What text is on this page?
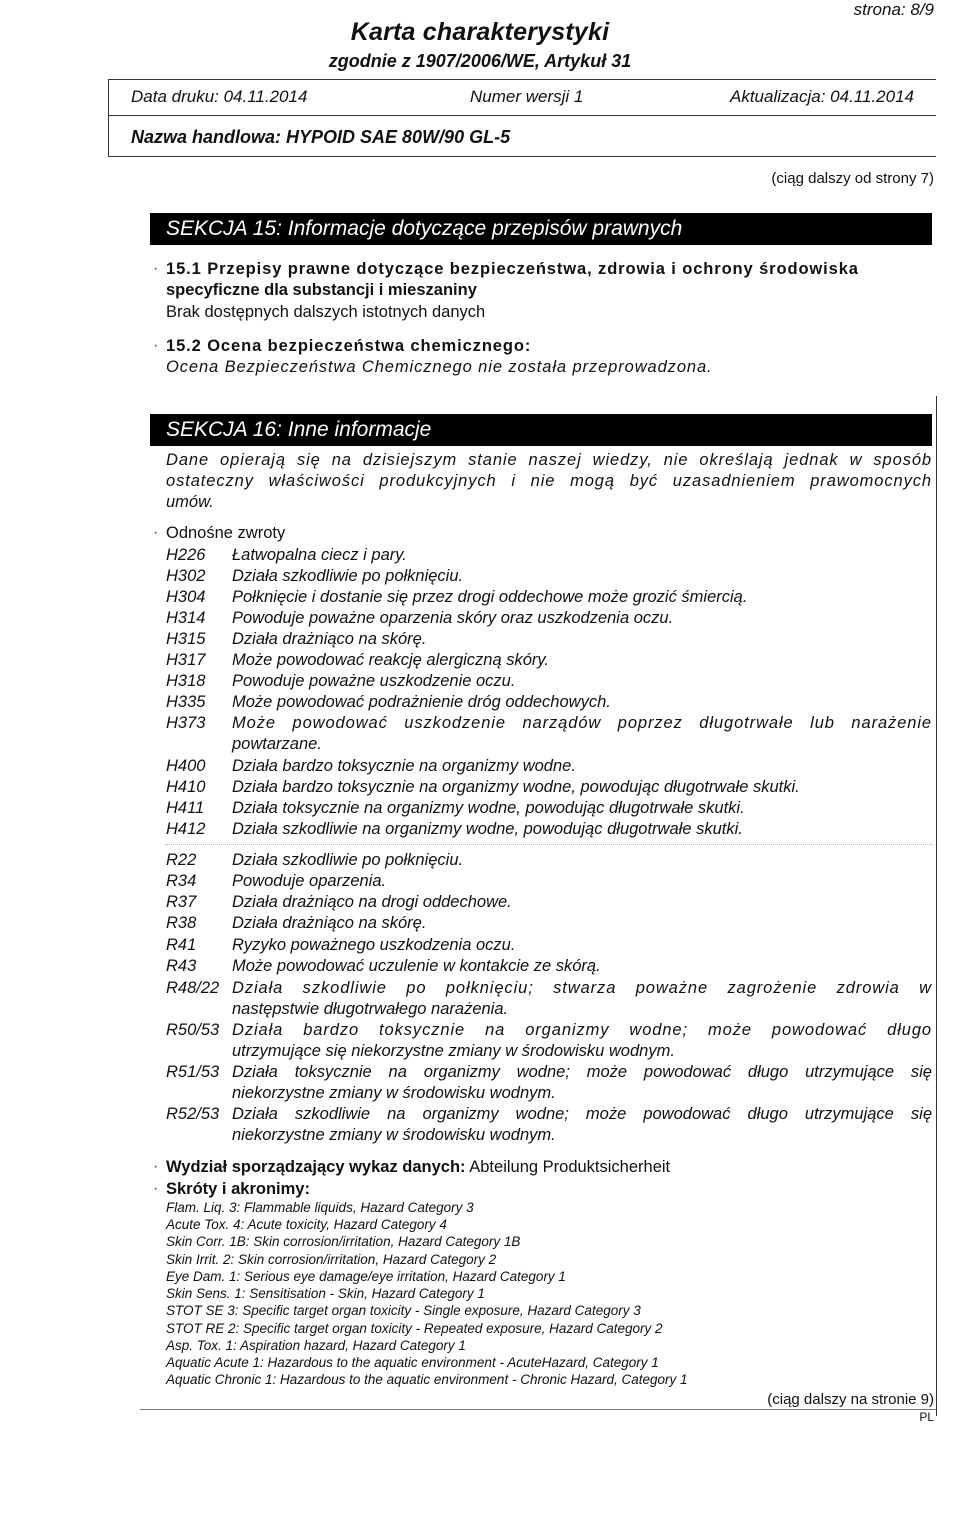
strona: 8/9
Karta charakterystyki
zgodnie z 1907/2006/WE, Artykuł 31
Data druku: 04.11.2014	Numer wersji 1	Aktualizacja: 04.11.2014
Nazwa handlowa: HYPOID SAE 80W/90 GL-5
(ciąg dalszy od strony 7)
SEKCJA 15: Informacje dotyczące przepisów prawnych
· 15.1 Przepisy prawne dotyczące bezpieczeństwa, zdrowia i ochrony środowiska
specyficzne dla substancji i mieszaniny
Brak dostępnych dalszych istotnych danych
· 15.2 Ocena bezpieczeństwa chemicznego:
Ocena Bezpieczeństwa Chemicznego nie została przeprowadzona.
SEKCJA 16: Inne informacje
Dane opierają się na dzisiejszym stanie naszej wiedzy, nie określają jednak w sposób
ostateczny właściwości produkcyjnych i nie mogą być uzasadnieniem prawomocnych
umów.
· Odnośne zwroty
H226 Łatwopalna ciecz i pary.
H302 Działa szkodliwie po połknięciu.
H304 Połknięcie i dostanie się przez drogi oddechowe może grozić śmiercią.
H314 Powoduje poważne oparzenia skóry oraz uszkodzenia oczu.
H315 Działa drażniąco na skórę.
H317 Może powodować reakcję alergiczną skóry.
H318 Powoduje poważne uszkodzenie oczu.
H335 Może powodować podrażnienie dróg oddechowych.
H373 Może powodować uszkodzenie narządów poprzez długotrwałe lub narażenie
powtarzane.
H400 Działa bardzo toksycznie na organizmy wodne.
H410 Działa bardzo toksycznie na organizmy wodne, powodując długotrwałe skutki.
H411 Działa toksycznie na organizmy wodne, powodując długotrwałe skutki.
H412 Działa szkodliwie na organizmy wodne, powodując długotrwałe skutki.
R22 Działa szkodliwie po połknięciu.
R34 Powoduje oparzenia.
R37 Działa drażniąco na drogi oddechowe.
R38 Działa drażniąco na skórę.
R41 Ryzyko poważnego uszkodzenia oczu.
R43 Może powodować uczulenie w kontakcie ze skórą.
R48/22 Działa szkodliwie po połknięciu; stwarza poważne zagrożenie zdrowia w
następstwie długotrwałego narażenia.
R50/53 Działa bardzo toksycznie na organizmy wodne; może powodować długo
utrzymujące się niekorzystne zmiany w środowisku wodnym.
R51/53 Działa toksycznie na organizmy wodne; może powodować długo utrzymujące się
niekorzystne zmiany w środowisku wodnym.
R52/53 Działa szkodliwie na organizmy wodne; może powodować długo utrzymujące się
niekorzystne zmiany w środowisku wodnym.
· Wydział sporządzający wykaz danych: Abteilung Produktsicherheit
· Skróty i akronimy:
Flam. Liq. 3: Flammable liquids, Hazard Category 3
Acute Tox. 4: Acute toxicity, Hazard Category 4
Skin Corr. 1B: Skin corrosion/irritation, Hazard Category 1B
Skin Irrit. 2: Skin corrosion/irritation, Hazard Category 2
Eye Dam. 1: Serious eye damage/eye irritation, Hazard Category 1
Skin Sens. 1: Sensitisation - Skin, Hazard Category 1
STOT SE 3: Specific target organ toxicity - Single exposure, Hazard Category 3
STOT RE 2: Specific target organ toxicity - Repeated exposure, Hazard Category 2
Asp. Tox. 1: Aspiration hazard, Hazard Category 1
Aquatic Acute 1: Hazardous to the aquatic environment - AcuteHazard, Category 1
Aquatic Chronic 1: Hazardous to the aquatic environment - Chronic Hazard, Category 1
(ciąg dalszy na stronie 9)
PL
